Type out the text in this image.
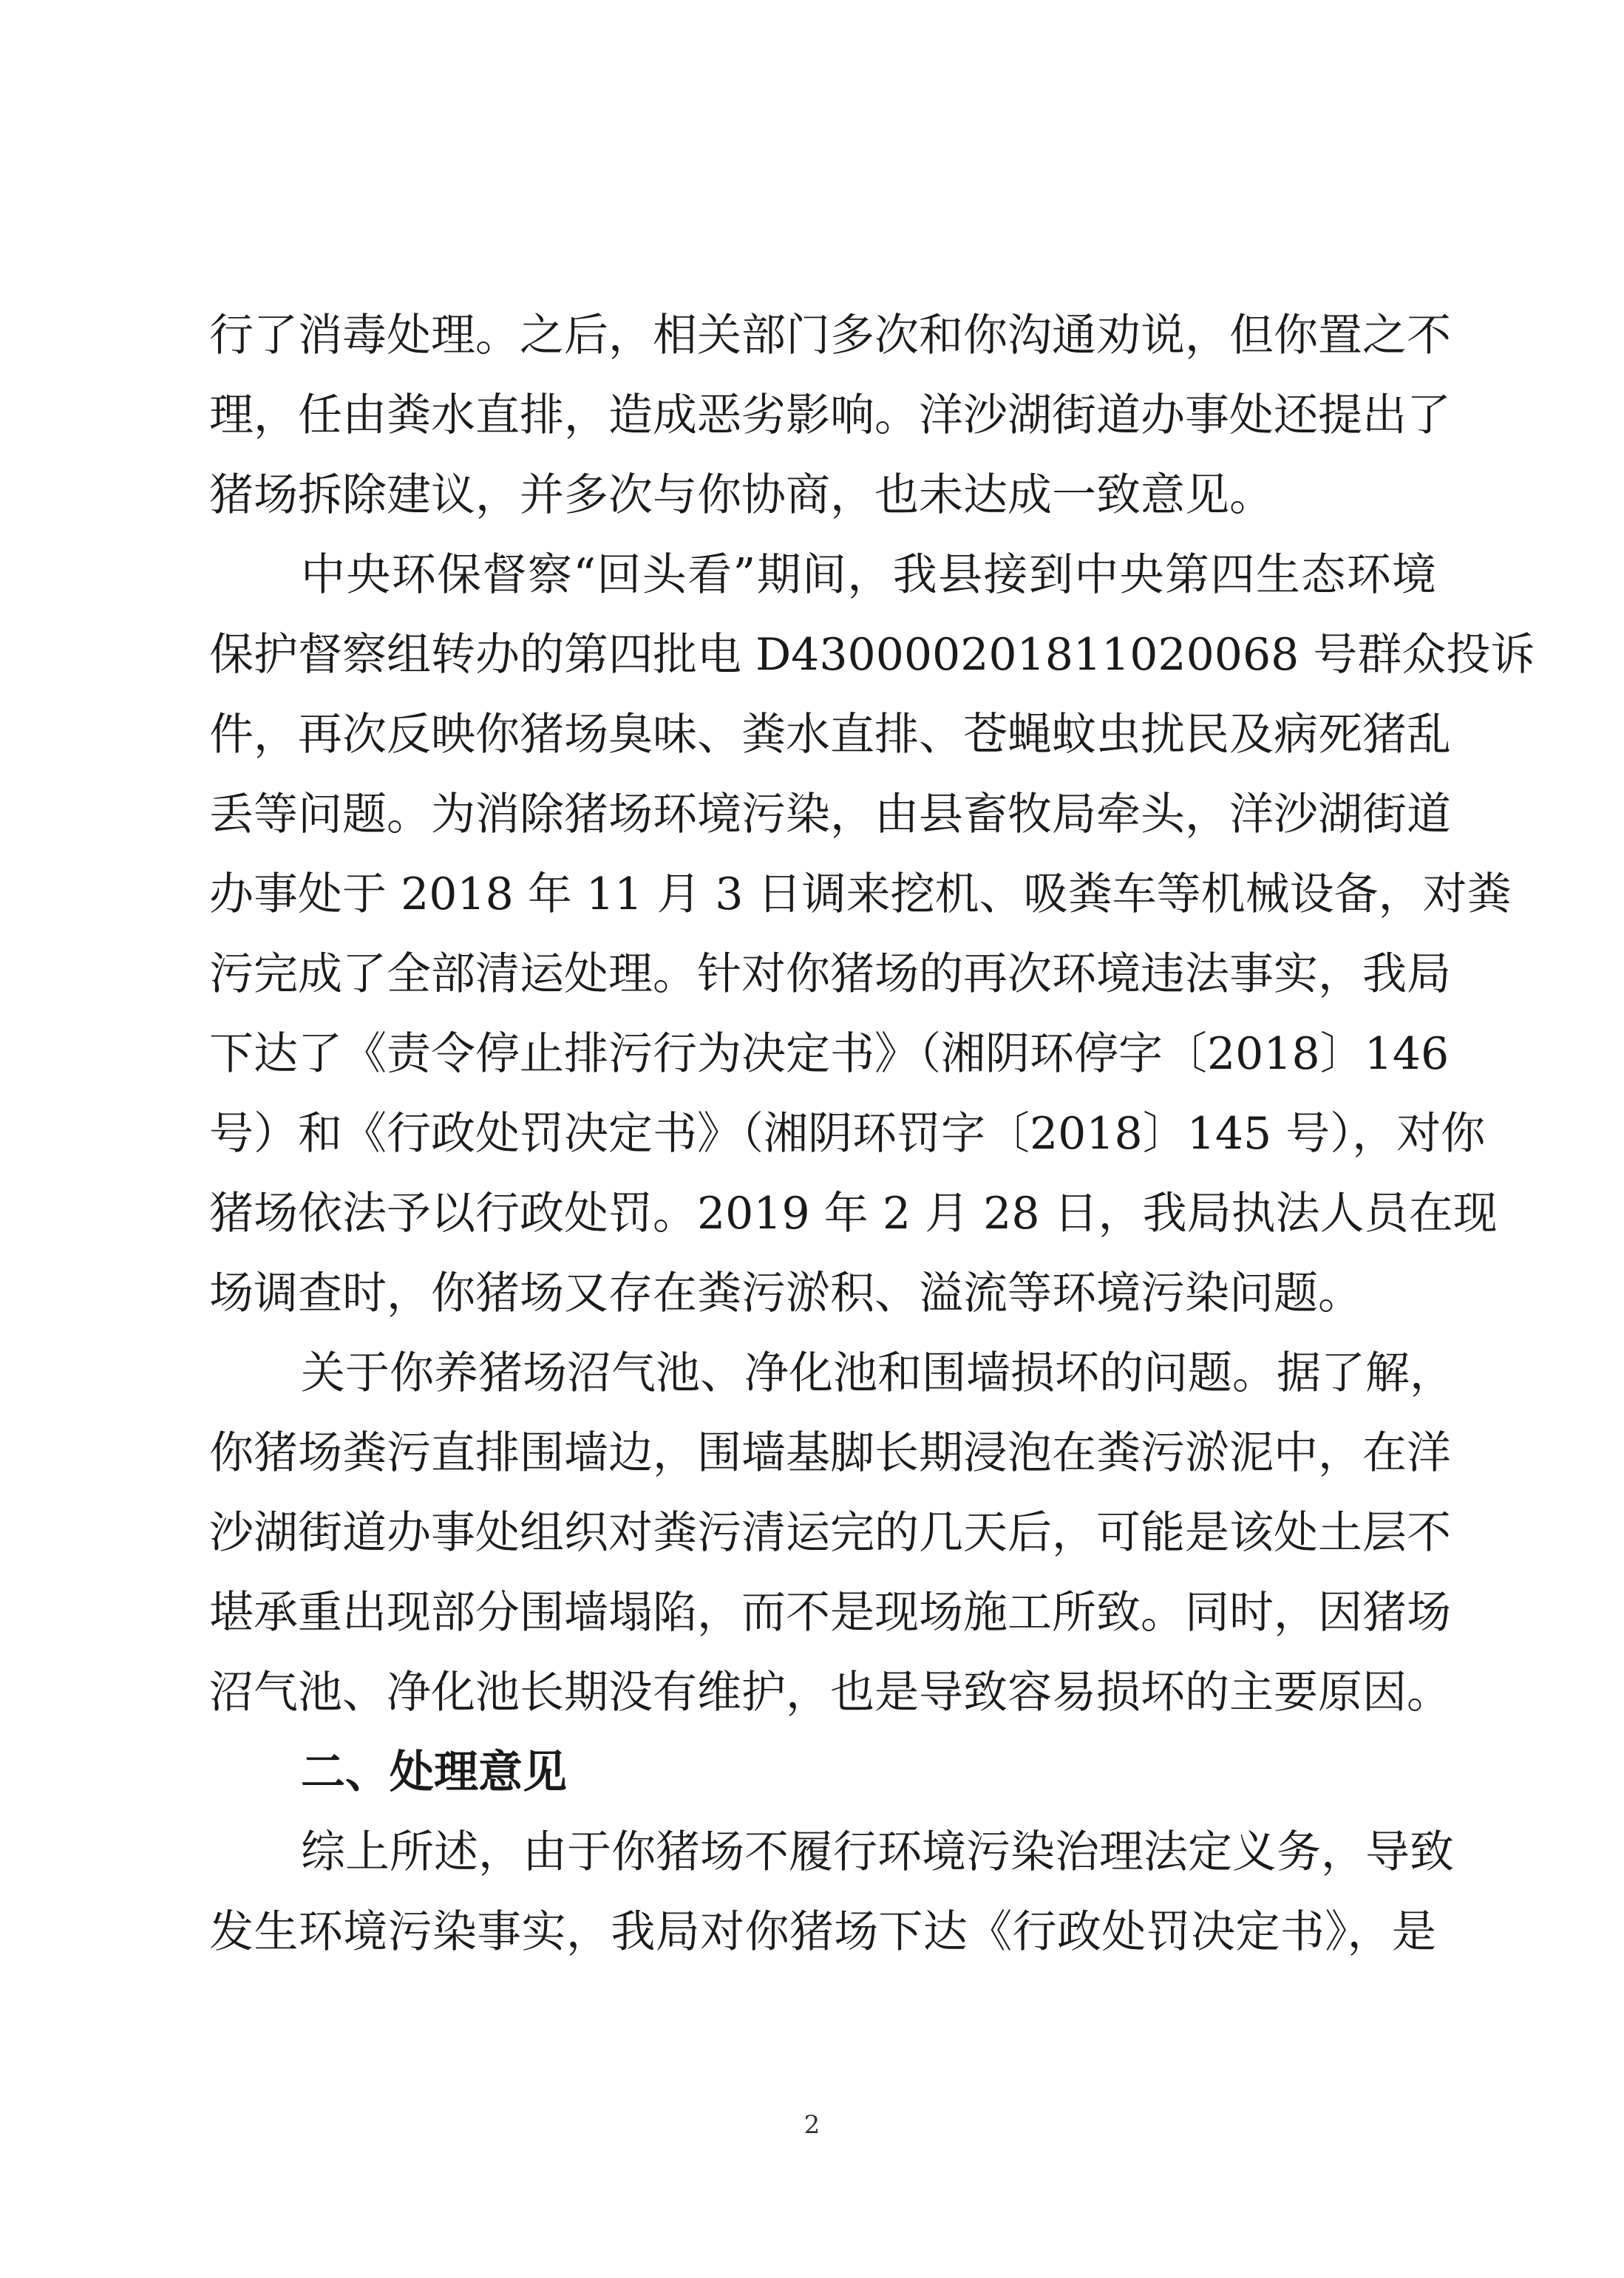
行了消毒处理。之后，相关部门多次和你沟通劝说，但你置之不
理，任由粪水直排，造成恶劣影响。洋沙湖街道办事处还提出了
猪场拆除建议，并多次与你协商，也未达成一致意见。
中央环保督察“回头看”期间，我县接到中央第四生态环境
保护督察组转办的第四批电 D430000201811020068 号群众投诉
件，再次反映你猪场臭味、粪水直排、苍蝇蚊虫扰民及病死猪乱
丢等问题。为消除猪场环境污染，由县畜牧局牵头，洋沙湖街道
办事处于 2018 年 11 月 3 日调来挖机、吸粪车等机械设备，对粪
污完成了全部清运处理。针对你猪场的再次环境违法事实，我局
下达了《责令停止排污行为决定书》（湘阴环停字〔2018〕146
号）和《行政处罚决定书》（湘阴环罚字〔2018〕145 号），对你
猪场依法予以行政处罚。2019 年 2 月 28 日，我局执法人员在现
场调查时，你猪场又存在粪污淤积、溢流等环境污染问题。
关于你养猪场沼气池、净化池和围墙损坏的问题。据了解，
你猪场粪污直排围墙边，围墙基脚长期浸泡在粪污淤泥中，在洋
沙湖街道办事处组织对粪污清运完的几天后，可能是该处土层不
堪承重出现部分围墙塌陷，而不是现场施工所致。同时，因猪场
沼气池、净化池长期没有维护，也是导致容易损坏的主要原因。
二、处理意见
综上所述，由于你猪场不履行环境污染治理法定义务，导致
发生环境污染事实，我局对你猪场下达《行政处罚决定书》，是
2
